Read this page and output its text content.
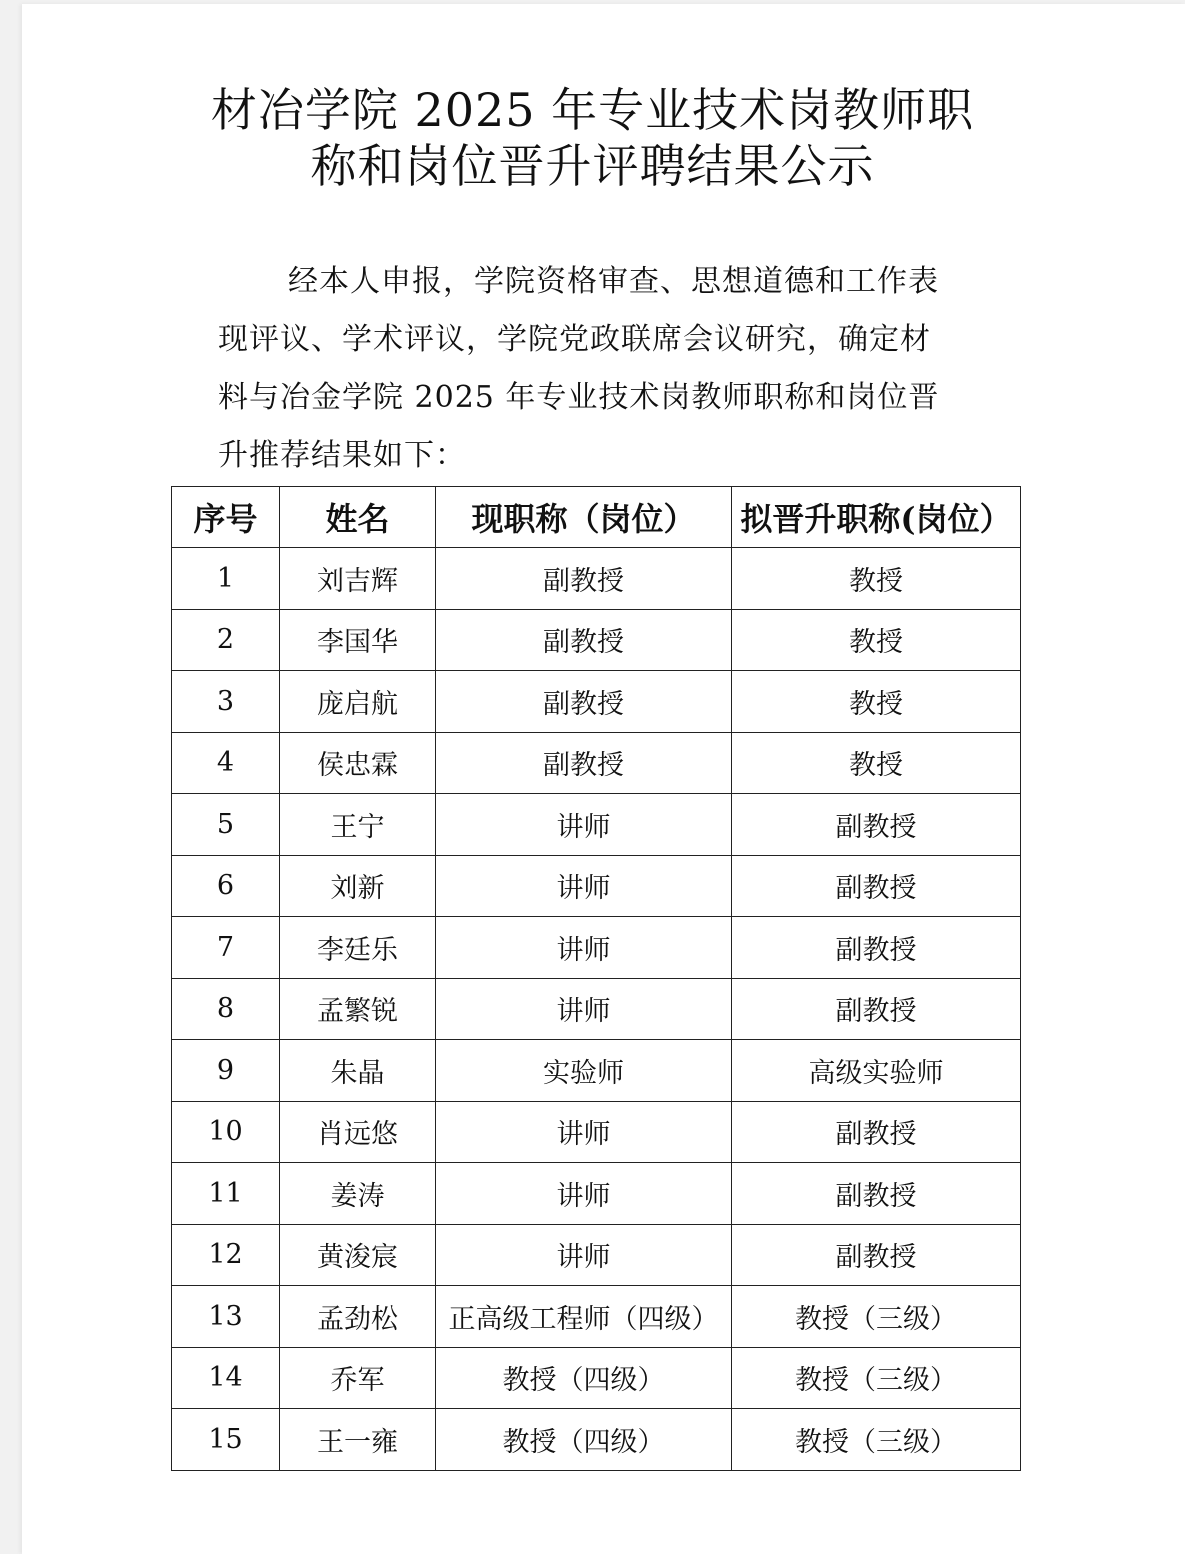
材冶学院 2025 年专业技术岗教师职
称和岗位晋升评聘结果公示
经本人申报，学院资格审查、思想道德和工作表
现评议、学术评议，学院党政联席会议研究，确定材
料与冶金学院 2025 年专业技术岗教师职称和岗位晋
升推荐结果如下：
序号	姓名	现职称（岗位）	拟晋升职称(岗位）
1	刘吉辉	副教授	教授
2	李国华	副教授	教授
3	庞启航	副教授	教授
4	侯忠霖	副教授	教授
5	王宁	讲师	副教授
6	刘新	讲师	副教授
7	李廷乐	讲师	副教授
8	孟繁锐	讲师	副教授
9	朱晶	实验师	高级实验师
10	肖远悠	讲师	副教授
11	姜涛	讲师	副教授
12	黄浚宸	讲师	副教授
13	孟劲松	正高级工程师（四级）	教授（三级）
14	乔军	教授（四级）	教授（三级）
15	王一雍	教授（四级）	教授（三级）
